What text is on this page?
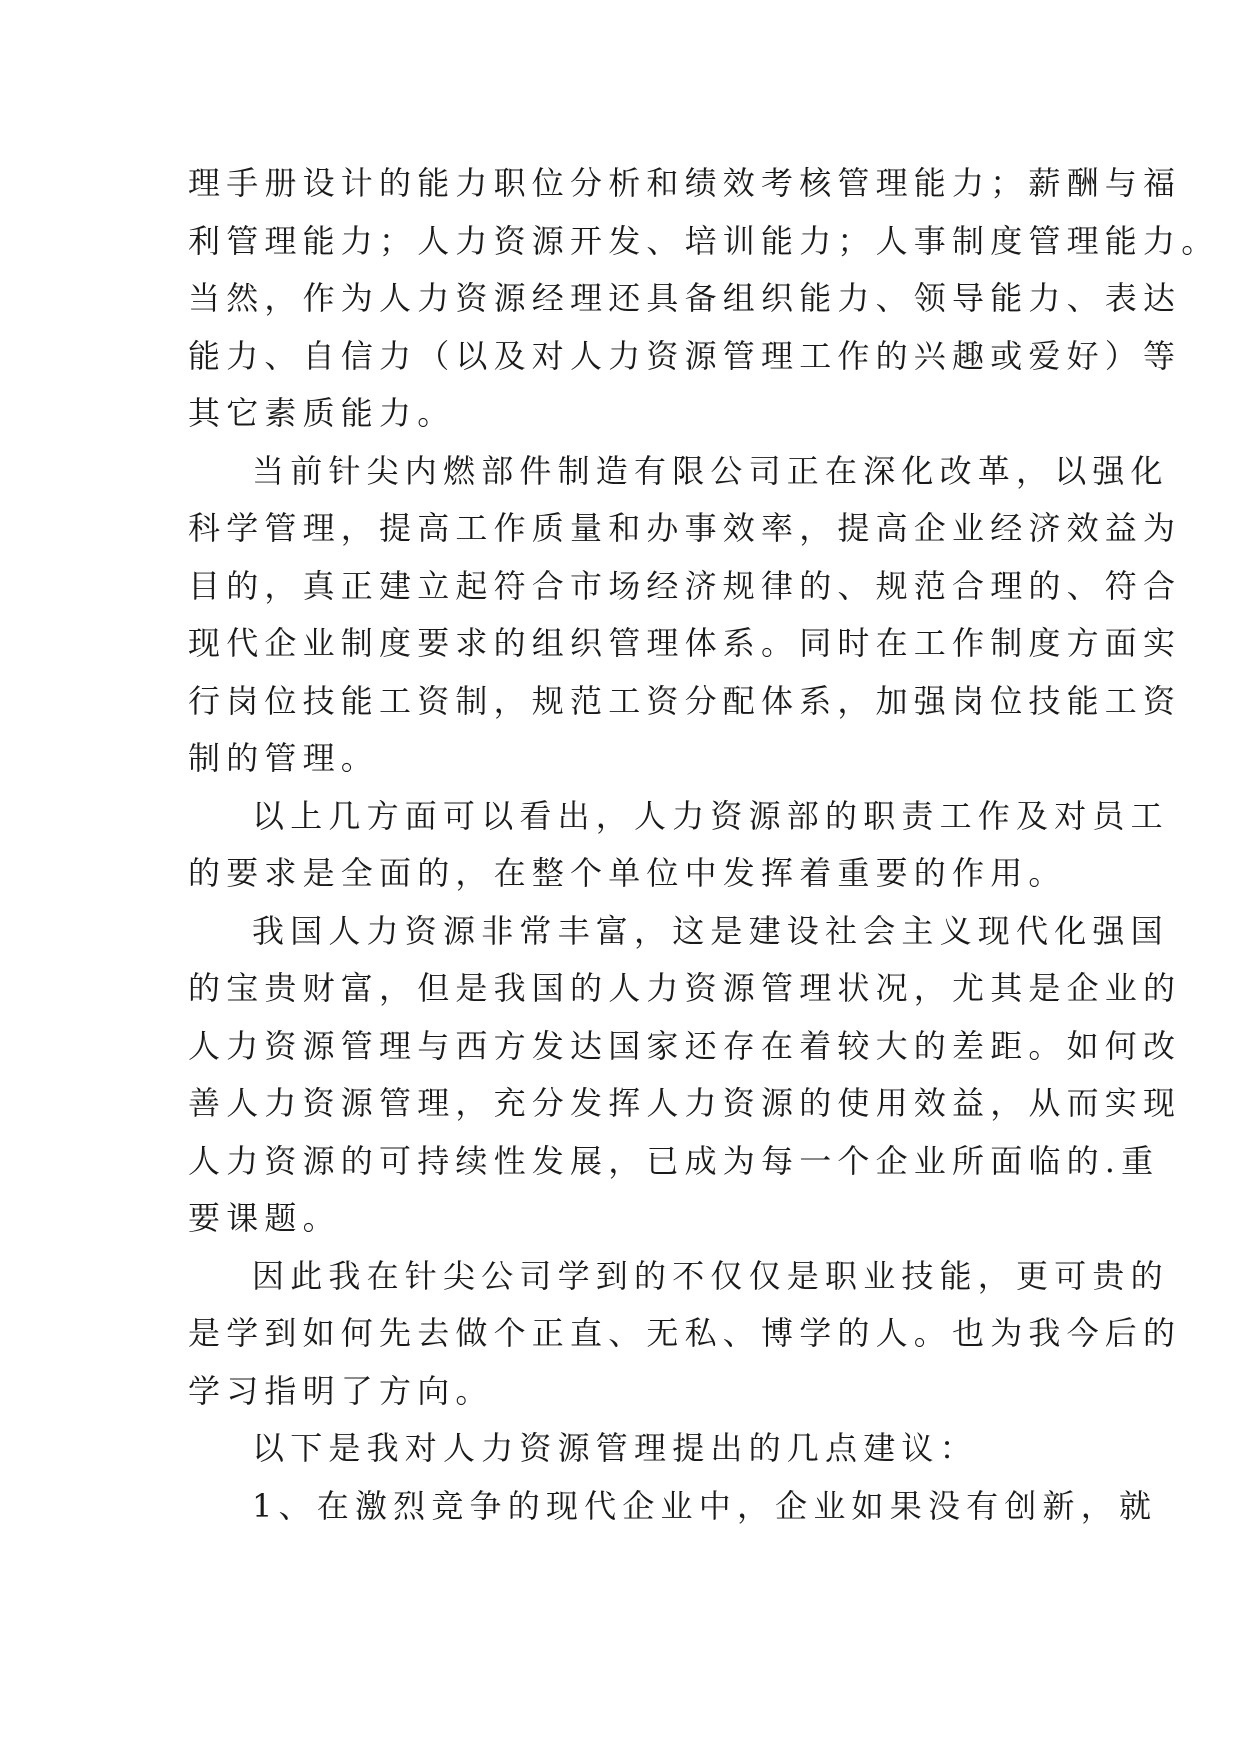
理手册设计的能力职位分析和绩效考核管理能力；薪酬与福
利管理能力；人力资源开发、培训能力；人事制度管理能力。
当然，作为人力资源经理还具备组织能力、领导能力、表达
能力、自信力（以及对人力资源管理工作的兴趣或爱好）等
其它素质能力。
当前针尖内燃部件制造有限公司正在深化改革，以强化
科学管理，提高工作质量和办事效率，提高企业经济效益为
目的，真正建立起符合市场经济规律的、规范合理的、符合
现代企业制度要求的组织管理体系。同时在工作制度方面实
行岗位技能工资制，规范工资分配体系，加强岗位技能工资
制的管理。
以上几方面可以看出，人力资源部的职责工作及对员工
的要求是全面的，在整个单位中发挥着重要的作用。
我国人力资源非常丰富，这是建设社会主义现代化强国
的宝贵财富，但是我国的人力资源管理状况，尤其是企业的
人力资源管理与西方发达国家还存在着较大的差距。如何改
善人力资源管理，充分发挥人力资源的使用效益，从而实现
人力资源的可持续性发展，已成为每一个企业所面临的.重
要课题。
因此我在针尖公司学到的不仅仅是职业技能，更可贵的
是学到如何先去做个正直、无私、博学的人。也为我今后的
学习指明了方向。
以下是我对人力资源管理提出的几点建议：
1、在激烈竞争的现代企业中，企业如果没有创新，就
